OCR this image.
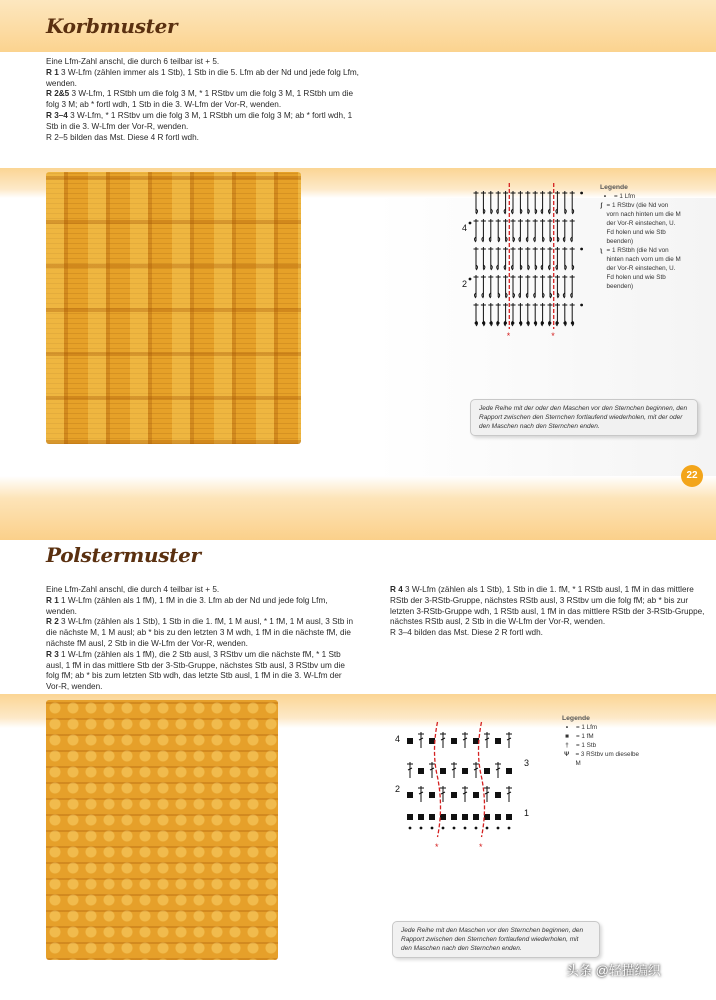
Korbmuster

Eine Lfm-Zahl anschl, die durch 6 teilbar ist + 5.

R 1 3 W-Lfm (zählen immer als 1 Stb), 1 Stb in die 5. Lfm ab der Nd und jede folg Lfm, wenden.

R 2&5 3 W-Lfm, 1 RStbh um die folg 3 M, * 1 RStbv um die folg 3 M, 1 RStbh um die folg 3 M; ab * fortl wdh, 1 Stb in die 3. W-Lfm der Vor-R, wenden.

R 3–4 3 W-Lfm, * 1 RStbv um die folg 3 M, 1 RStbh um die folg 3 M; ab * fortl wdh, 1 Stb in die 3. W-Lfm der Vor-R, wenden.

R 2–5 bilden das Mst. Diese 4 R fortl wdh.

*	*
4
2
Legende
•	= 1 Lfm
ʃ = 1 RStbv (die Nd von vorn nach hinten um die M der Vor-R einstechen, U. Fd holen und wie Stb beenden)
ʅ = 1 RStbh (die Nd von hinten nach vorn um die M der Vor-R einstechen, U. Fd holen und wie Stb beenden)
Jede Reihe mit der oder den Maschen vor den Sternchen beginnen, den Rapport zwischen den Sternchen fortlaufend wiederholen, mit der oder den Maschen nach den Sternchen enden.
22
Polstermuster

Eine Lfm-Zahl anschl, die durch 4 teilbar ist + 5.

R 1 1 W-Lfm (zählen als 1 fM), 1 fM in die 3. Lfm ab der Nd und jede folg Lfm, wenden.

R 2 3 W-Lfm (zählen als 1 Stb), 1 Stb in die 1. fM, 1 M ausl, * 1 fM, 1 M ausl, 3 Stb in die nächste M, 1 M ausl; ab * bis zu den letzten 3 M wdh, 1 fM in die nächste fM, die nächste fM ausl, 2 Stb in die W-Lfm der Vor-R, wenden.

R 3 1 W-Lfm (zählen als 1 fM), die 2 Stb ausl, 3 RStbv um die nächste fM, * 1 Stb ausl, 1 fM in das mittlere Stb der 3-Stb-Gruppe, nächstes Stb ausl, 3 RStbv um die folg fM; ab * bis zum letzten Stb wdh, das letzte Stb ausl, 1 fM in die 3. W-Lfm der Vor-R, wenden.

R 4 3 W-Lfm (zählen als 1 Stb), 1 Stb in die 1. fM, * 1 RStb ausl, 1 fM in das mittlere RStb der 3-RStb-Gruppe, nächstes RStb ausl, 3 RStbv um die folg fM; ab * bis zur letzten 3-RStb-Gruppe wdh, 1 RStb ausl, 1 fM in das mittlere RStb der 3-RStb-Gruppe, nächstes RStb ausl, 2 Stb in die W-Lfm der Vor-R, wenden.

R 3–4 bilden das Mst. Diese 2 R fortl wdh.

*	*
4
3
2
1
Legende
•	= 1 Lfm
■	= 1 fM
†	= 1 Stb
Ψ = 3 RStbv um dieselbe M
Jede Reihe mit den Maschen vor den Sternchen beginnen, den Rapport zwischen den Sternchen fortlaufend wiederholen, mit den Maschen nach den Sternchen enden.
头条 @轻描编织
